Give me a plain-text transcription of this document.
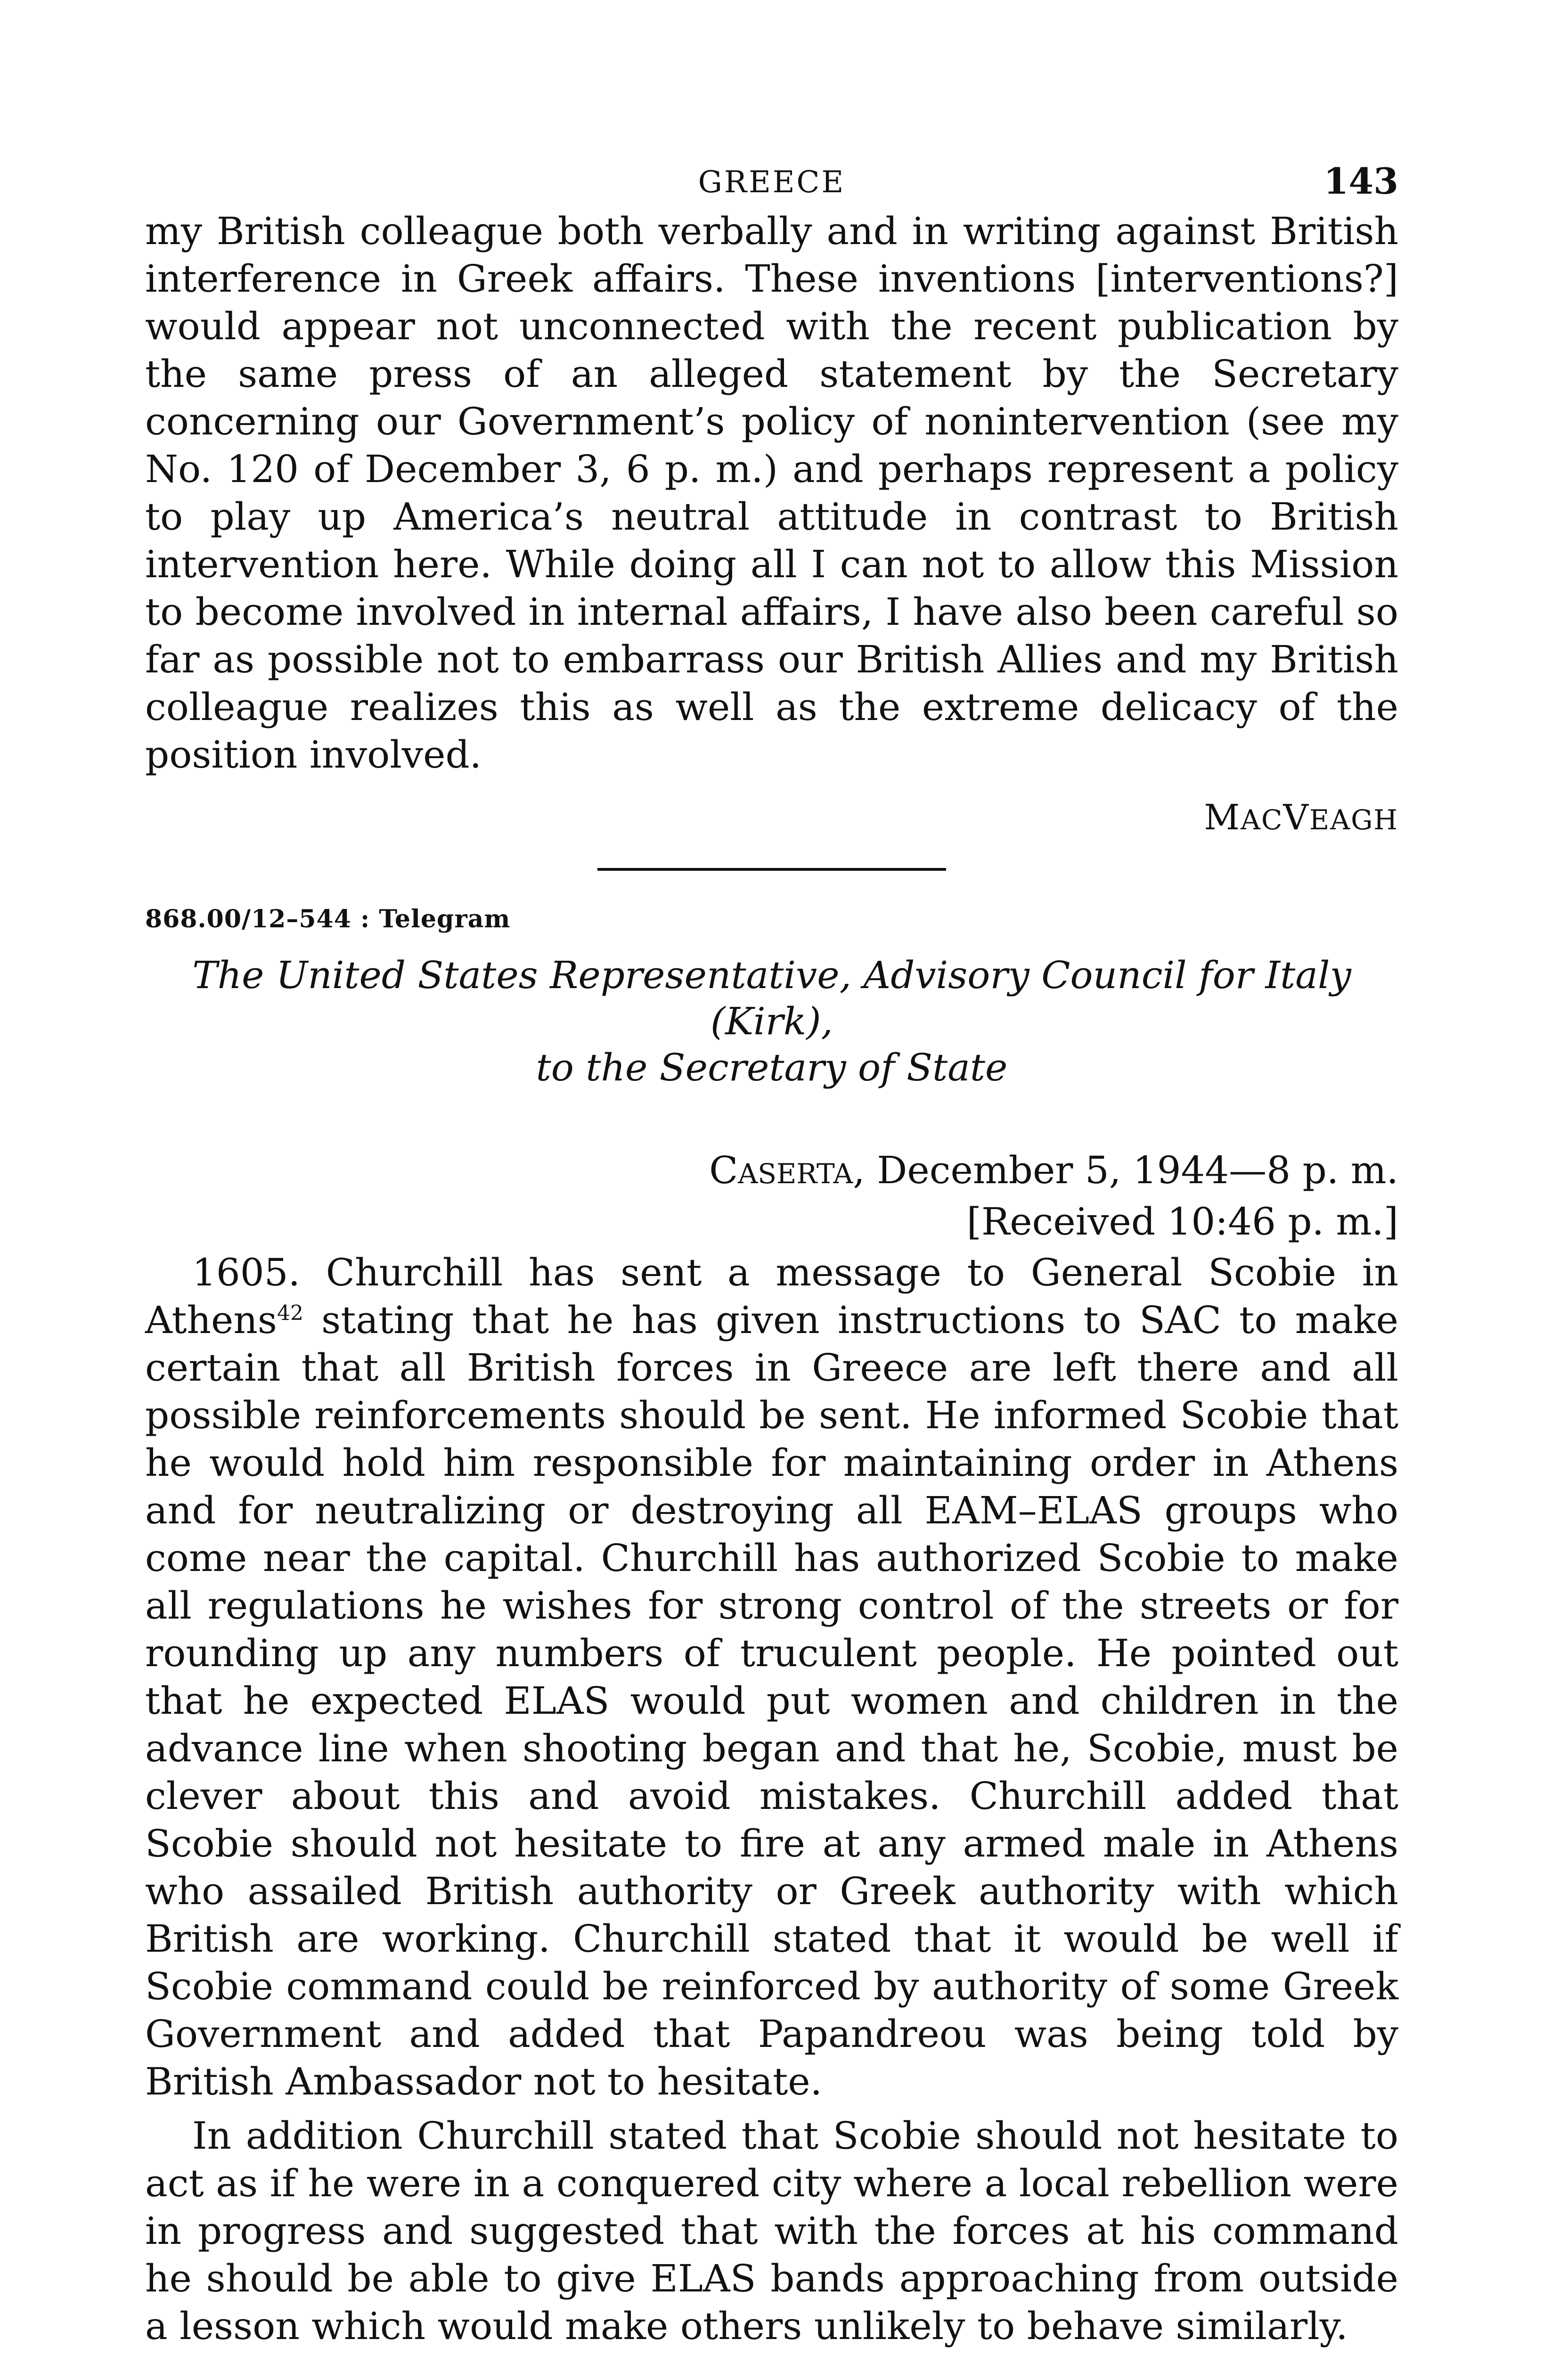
GREECE	143

my British colleague both verbally and in writing against British interference in Greek affairs. These inventions [interventions?] would appear not unconnected with the recent publication by the same press of an alleged statement by the Secretary concerning our Government’s policy of nonintervention (see my No. 120 of December 3, 6 p. m.) and perhaps represent a policy to play up America’s neutral attitude in contrast to British intervention here. While doing all I can not to allow this Mission to become involved in internal affairs, I have also been careful so far as possible not to embarrass our British Allies and my British colleague realizes this as well as the extreme delicacy of the position involved.

MACVEAGH
868.00/12–544 : Telegram
The United States Representative, Advisory Council for Italy (Kirk),
to the Secretary of State
CASERTA, December 5, 1944—8 p. m.
[Received 10:46 p. m.]

1605. Churchill has sent a message to General Scobie in Athens$^{42}$ stating that he has given instructions to SAC to make certain that all British forces in Greece are left there and all possible reinforcements should be sent. He informed Scobie that he would hold him responsible for maintaining order in Athens and for neutralizing or destroying all EAM–ELAS groups who come near the capital. Churchill has authorized Scobie to make all regulations he wishes for strong control of the streets or for rounding up any numbers of truculent people. He pointed out that he expected ELAS would put women and children in the advance line when shooting began and that he, Scobie, must be clever about this and avoid mistakes. Churchill added that Scobie should not hesitate to fire at any armed male in Athens who assailed British authority or Greek authority with which British are working. Churchill stated that it would be well if Scobie command could be reinforced by authority of some Greek Government and added that Papandreou was being told by British Ambassador not to hesitate.

In addition Churchill stated that Scobie should not hesitate to act as if he were in a conquered city where a local rebellion were in progress and suggested that with the forces at his command he should be able to give ELAS bands approaching from outside a lesson which would make others unlikely to behave similarly.
